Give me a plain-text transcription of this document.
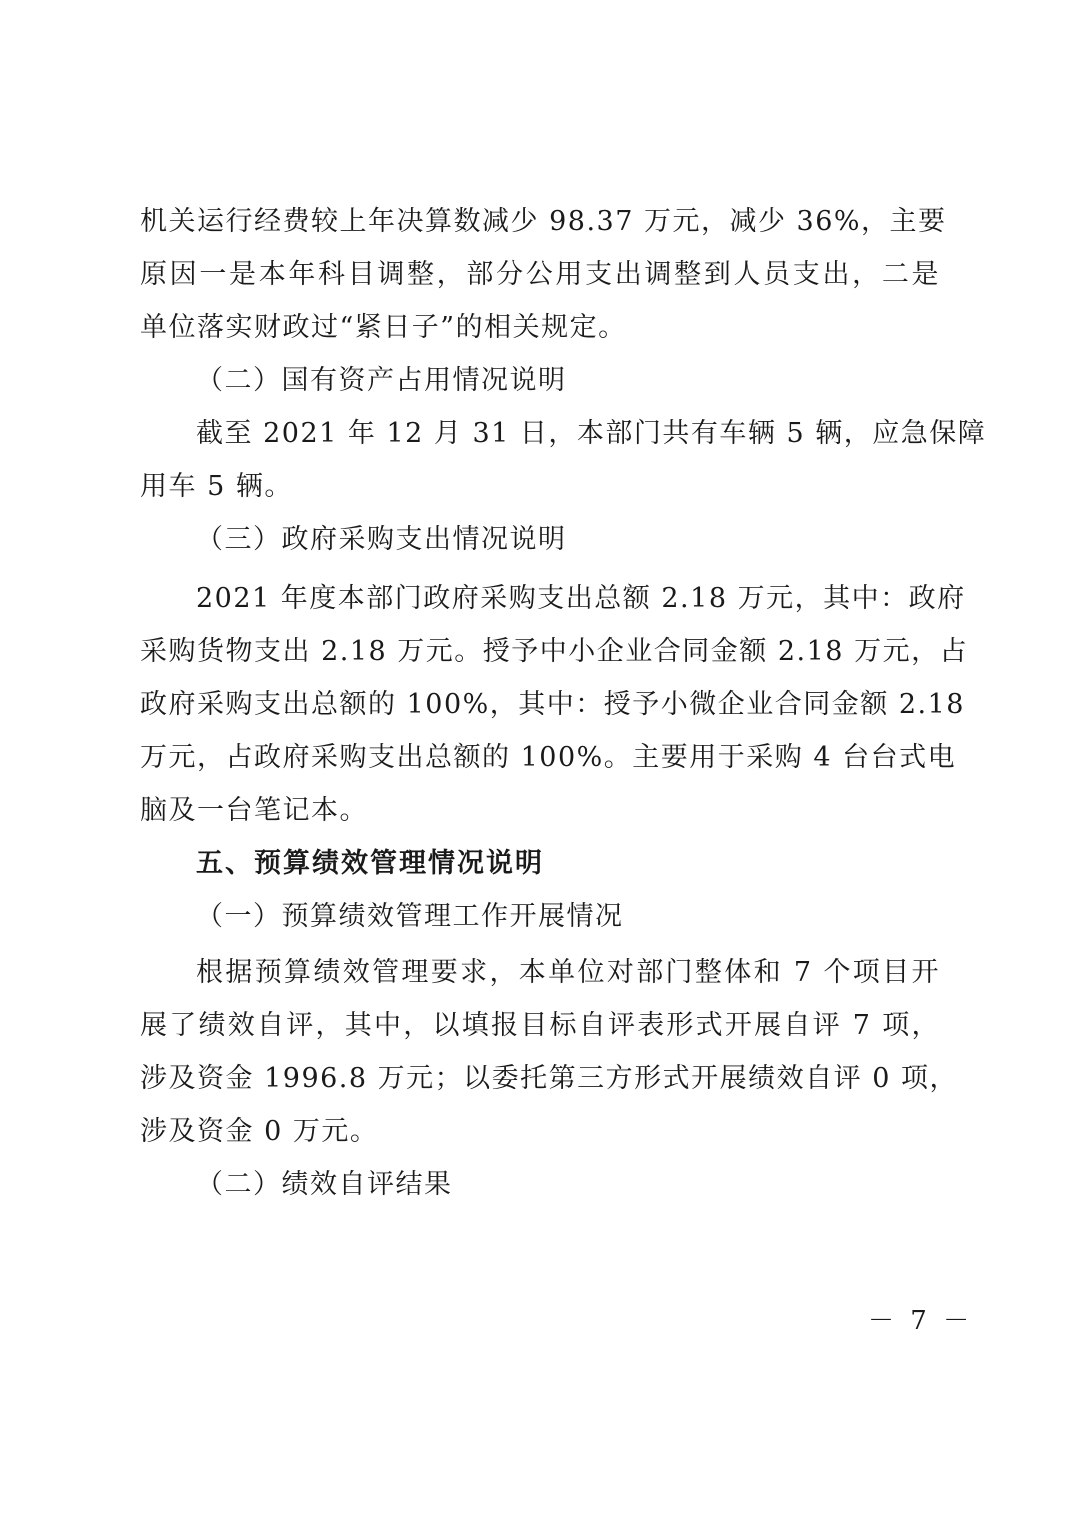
机关运行经费较上年决算数减少 98.37 万元，减少 36%，主要
原因一是本年科目调整，部分公用支出调整到人员支出，二是
单位落实财政过“紧日子”的相关规定。
（二）国有资产占用情况说明
截至 2021 年 12 月 31 日，本部门共有车辆 5 辆，应急保障
用车 5 辆。
（三）政府采购支出情况说明
2021 年度本部门政府采购支出总额 2.18 万元，其中：政府
采购货物支出 2.18 万元。授予中小企业合同金额 2.18 万元，占
政府采购支出总额的 100%，其中：授予小微企业合同金额 2.18
万元，占政府采购支出总额的 100%。主要用于采购 4 台台式电
脑及一台笔记本。
五、预算绩效管理情况说明
（一）预算绩效管理工作开展情况
根据预算绩效管理要求，本单位对部门整体和 7 个项目开
展了绩效自评，其中，以填报目标自评表形式开展自评 7 项，
涉及资金 1996.8 万元；以委托第三方形式开展绩效自评 0 项，
涉及资金 0 万元。
（二）绩效自评结果
－ 7 －
